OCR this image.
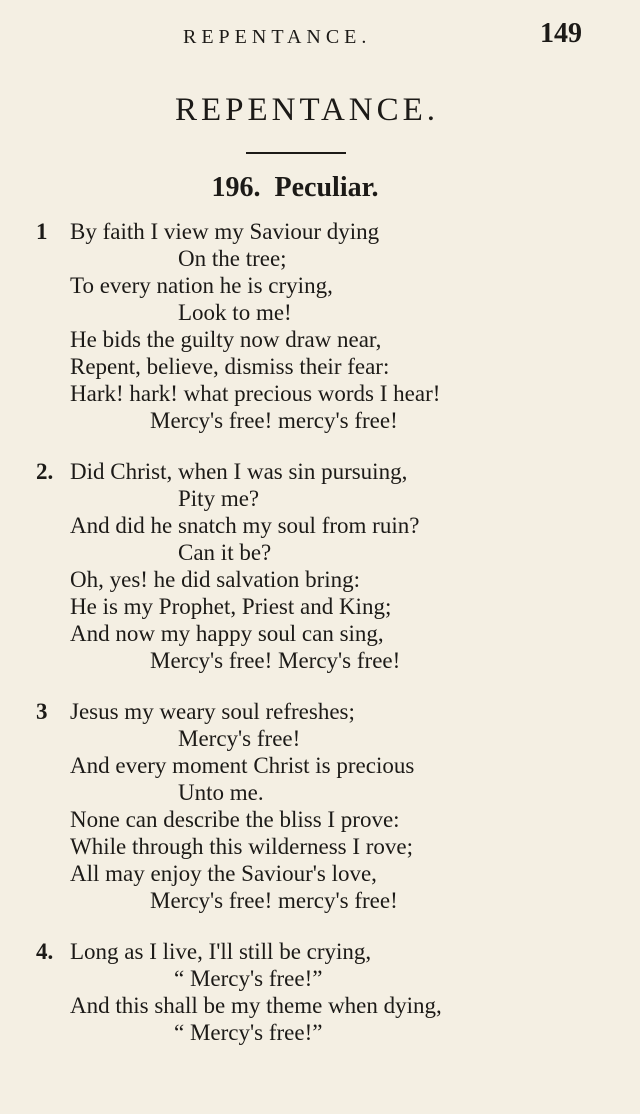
REPENTANCE.	149
REPENTANCE.
196. Peculiar.
1 By faith I view my Saviour dying
On the tree;
To every nation he is crying,
Look to me!
He bids the guilty now draw near,
Repent, believe, dismiss their fear:
Hark! hark! what precious words I hear!
Mercy's free! mercy's free!
2. Did Christ, when I was sin pursuing,
Pity me?
And did he snatch my soul from ruin?
Can it be?
Oh, yes! he did salvation bring:
He is my Prophet, Priest and King;
And now my happy soul can sing,
Mercy's free! Mercy's free!
3 Jesus my weary soul refreshes;
Mercy's free!
And every moment Christ is precious
Unto me.
None can describe the bliss I prove:
While through this wilderness I rove;
All may enjoy the Saviour's love,
Mercy's free! mercy's free!
4. Long as I live, I'll still be crying,
“ Mercy's free!”
And this shall be my theme when dying,
“ Mercy's free!”
